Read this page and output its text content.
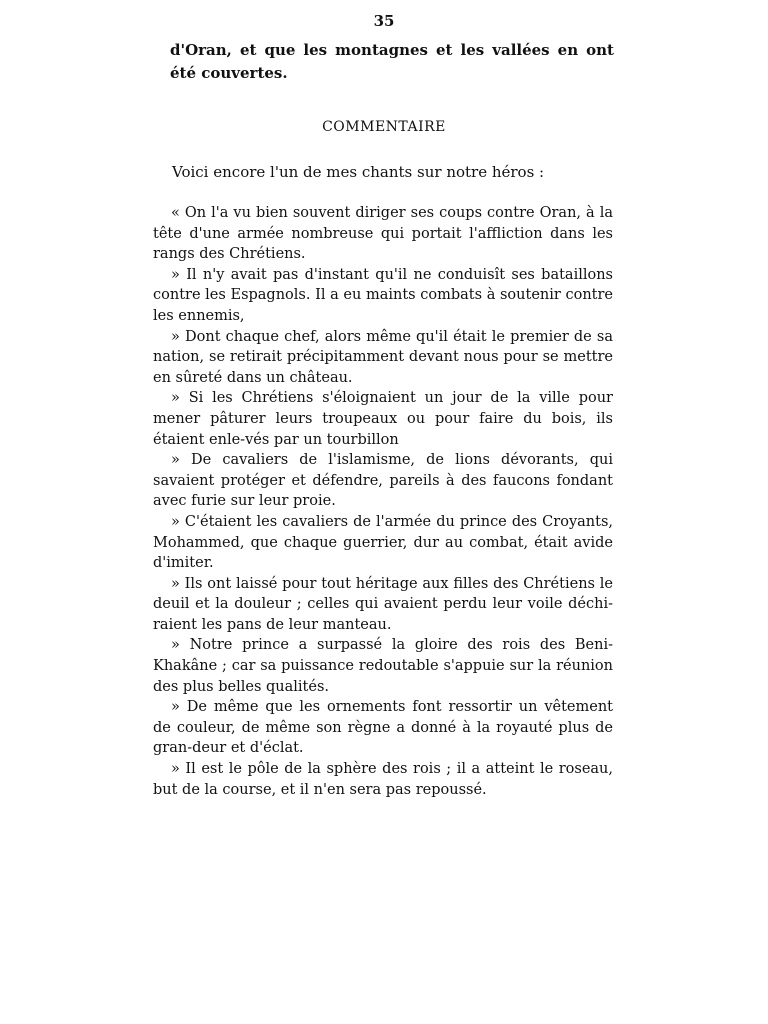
35
d'Oran, et que les montagnes et les vallées en ont été couvertes.
COMMENTAIRE
Voici encore l'un de mes chants sur notre héros :

« On l'a vu bien souvent diriger ses coups contre Oran, à la tête d'une armée nombreuse qui portait l'affliction dans les rangs des Chrétiens.

» Il n'y avait pas d'instant qu'il ne conduisît ses bataillons contre les Espagnols. Il a eu maints combats à soutenir contre les ennemis,

» Dont chaque chef, alors même qu'il était le premier de sa nation, se retirait précipitamment devant nous pour se mettre en sûreté dans un château.

» Si les Chrétiens s'éloignaient un jour de la ville pour mener pâturer leurs troupeaux ou pour faire du bois, ils étaient enle-vés par un tourbillon

» De cavaliers de l'islamisme, de lions dévorants, qui savaient protéger et défendre, pareils à des faucons fondant avec furie sur leur proie.

» C'étaient les cavaliers de l'armée du prince des Croyants, Mohammed, que chaque guerrier, dur au combat, était avide d'imiter.

» Ils ont laissé pour tout héritage aux filles des Chrétiens le deuil et la douleur ; celles qui avaient perdu leur voile déchi-raient les pans de leur manteau.

» Notre prince a surpassé la gloire des rois des Beni-Khakâne ; car sa puissance redoutable s'appuie sur la réunion des plus belles qualités.

» De même que les ornements font ressortir un vêtement de couleur, de même son règne a donné à la royauté plus de gran-deur et d'éclat.

» Il est le pôle de la sphère des rois ; il a atteint le roseau, but de la course, et il n'en sera pas repoussé.
